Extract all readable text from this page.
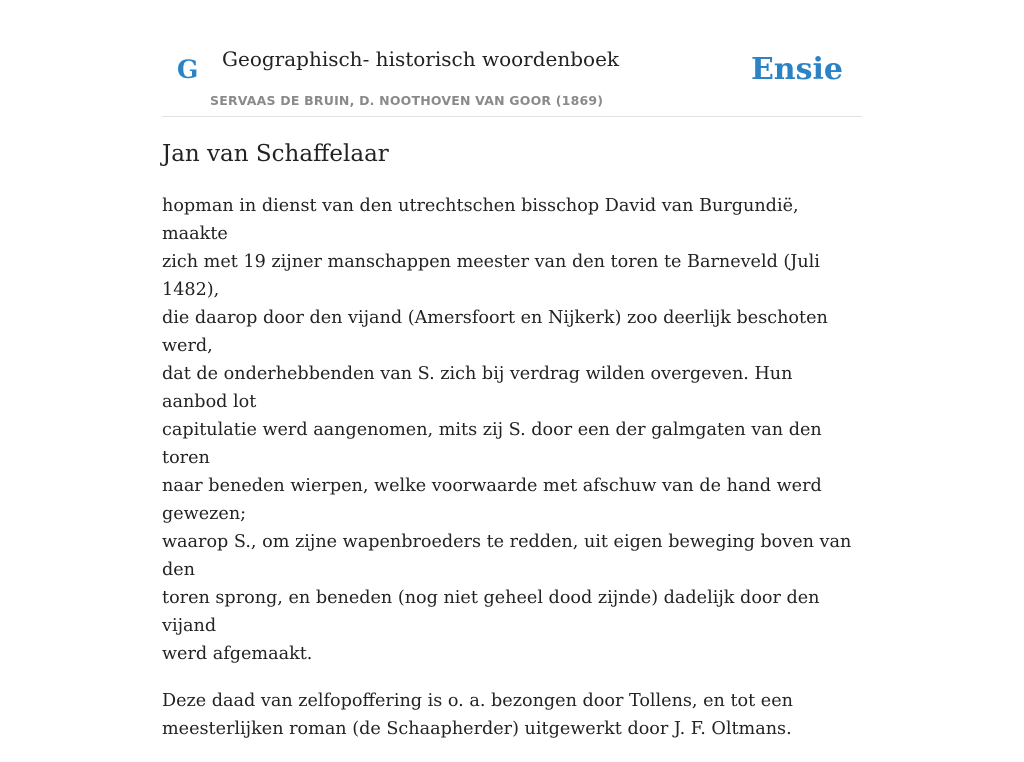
G Geographisch- historisch woordenboek
SERVAAS DE BRUIN, D. NOOTHOVEN VAN GOOR (1869)
Ensie
Jan van Schaffelaar

hopman in dienst van den utrechtschen bisschop David van Burgundië, maakte
zich met 19 zijner manschappen meester van den toren te Barneveld (Juli 1482),
die daarop door den vijand (Amersfoort en Nijkerk) zoo deerlijk beschoten werd,
dat de onderhebbenden van S. zich bij verdrag wilden overgeven. Hun aanbod lot
capitulatie werd aangenomen, mits zij S. door een der galmgaten van den toren
naar beneden wierpen, welke voorwaarde met afschuw van de hand werd gewezen;
waarop S., om zijne wapenbroeders te redden, uit eigen beweging boven van den
toren sprong, en beneden (nog niet geheel dood zijnde) dadelijk door den vijand
werd afgemaakt.

Deze daad van zelfopoffering is o. a. bezongen door Tollens, en tot een
meesterlijken roman (de Schaapherder) uitgewerkt door J. F. Oltmans.
